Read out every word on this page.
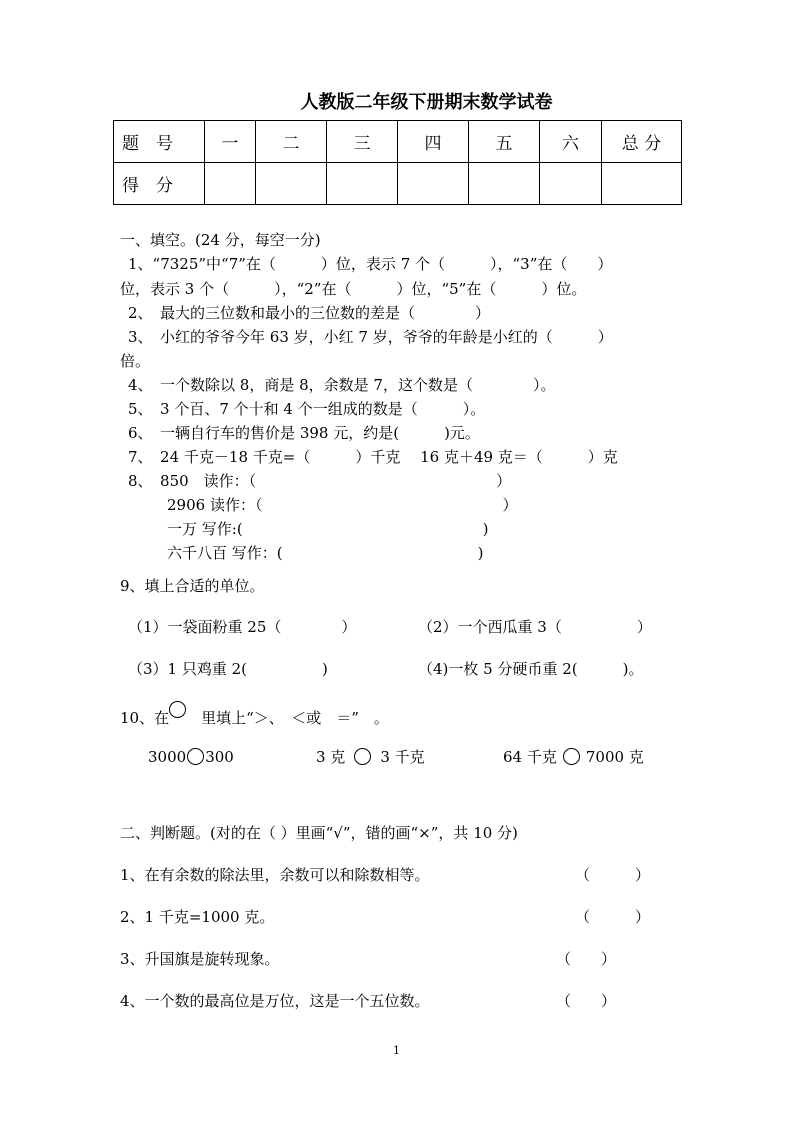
人教版二年级下册期末数学试卷
题　号	一	二	三	四	五	六	总 分
得　分							
一、填空。(24 分，每空一分)
1、“7325”中“7”在（　　　）位，表示 7 个（　　　），“3”在（　　）
位，表示 3 个（　　　），“2”在（　　　）位，“5”在（　　　）位。
2、　最大的三位数和最小的三位数的差是（　　　　）
3、　小红的爷爷今年 63 岁，小红 7 岁，爷爷的年龄是小红的（　　　）
倍。
4、　一个数除以 8，商是 8，余数是 7，这个数是（　　　　）。
5、　3 个百、7 个十和 4 个一组成的数是（　　　）。
6、　一辆自行车的售价是 398 元，约是(　　　)元。
7、　24 千克－18 千克=（　　　）千克　 16 克＋49 克＝（　　　）克
8、　850　读作：（　　　　　　　　　　　　　　　　）
2906 读作：（　　　　　　　　　　　　　　　　）
一万 写作:(　　　　　　　　　　　　　　　　)
六千八百 写作：(　　　　　　　　　　　　　)
9、填上合适的单位。
（1）一袋面粉重 25（　　　　）	（2）一个西瓜重 3（　　　　　）
（3）1 只鸡重 2(　　　　　)	（4)一枚 5 分硬币重 2(　　　)。
10、在　里填上“＞、　＜或　＝”　。
3000 300	3 克 3 千克	64 千克 7000 克
二、判断题。(对的在（ ）里画“√”，错的画“×”，共 10 分)
1、在有余数的除法里，余数可以和除数相等。	（　　　）
2、1 千克=1000 克。	（　　　）
3、升国旗是旋转现象。	（　　）
4、一个数的最高位是万位，这是一个五位数。	（　　）
1
